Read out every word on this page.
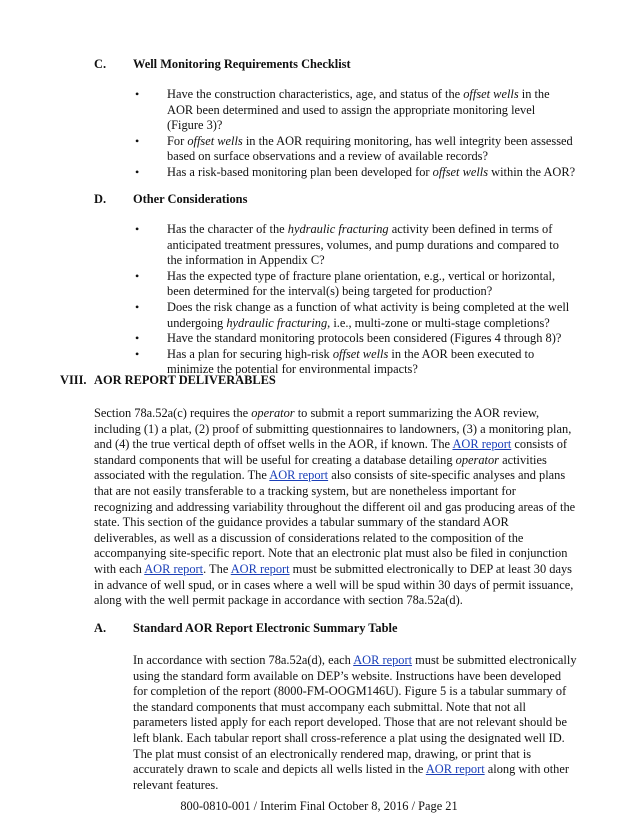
C. Well Monitoring Requirements Checklist
• Have the construction characteristics, age, and status of the offset wells in the
AOR been determined and used to assign the appropriate monitoring level
(Figure 3)?
• For offset wells in the AOR requiring monitoring, has well integrity been assessed
based on surface observations and a review of available records?
• Has a risk-based monitoring plan been developed for offset wells within the AOR?
D. Other Considerations
• Has the character of the hydraulic fracturing activity been defined in terms of
anticipated treatment pressures, volumes, and pump durations and compared to
the information in Appendix C?
• Has the expected type of fracture plane orientation, e.g., vertical or horizontal,
been determined for the interval(s) being targeted for production?
• Does the risk change as a function of what activity is being completed at the well
undergoing hydraulic fracturing, i.e., multi-zone or multi-stage completions?
• Have the standard monitoring protocols been considered (Figures 4 through 8)?
• Has a plan for securing high-risk offset wells in the AOR been executed to
minimize the potential for environmental impacts?
VIII. AOR REPORT DELIVERABLES
Section 78a.52a(c) requires the operator to submit a report summarizing the AOR review,
including (1) a plat, (2) proof of submitting questionnaires to landowners, (3) a monitoring plan,
and (4) the true vertical depth of offset wells in the AOR, if known. The AOR report consists of
standard components that will be useful for creating a database detailing operator activities
associated with the regulation. The AOR report also consists of site-specific analyses and plans
that are not easily transferable to a tracking system, but are nonetheless important for
recognizing and addressing variability throughout the different oil and gas producing areas of the
state. This section of the guidance provides a tabular summary of the standard AOR
deliverables, as well as a discussion of considerations related to the composition of the
accompanying site-specific report. Note that an electronic plat must also be filed in conjunction
with each AOR report. The AOR report must be submitted electronically to DEP at least 30 days
in advance of well spud, or in cases where a well will be spud within 30 days of permit issuance,
along with the well permit package in accordance with section 78a.52a(d).
A. Standard AOR Report Electronic Summary Table
In accordance with section 78a.52a(d), each AOR report must be submitted electronically
using the standard form available on DEP’s website. Instructions have been developed
for completion of the report (8000-FM-OOGM146U). Figure 5 is a tabular summary of
the standard components that must accompany each submittal. Note that not all
parameters listed apply for each report developed. Those that are not relevant should be
left blank. Each tabular report shall cross-reference a plat using the designated well ID.
The plat must consist of an electronically rendered map, drawing, or print that is
accurately drawn to scale and depicts all wells listed in the AOR report along with other
relevant features.
800-0810-001 / Interim Final October 8, 2016 / Page 21
